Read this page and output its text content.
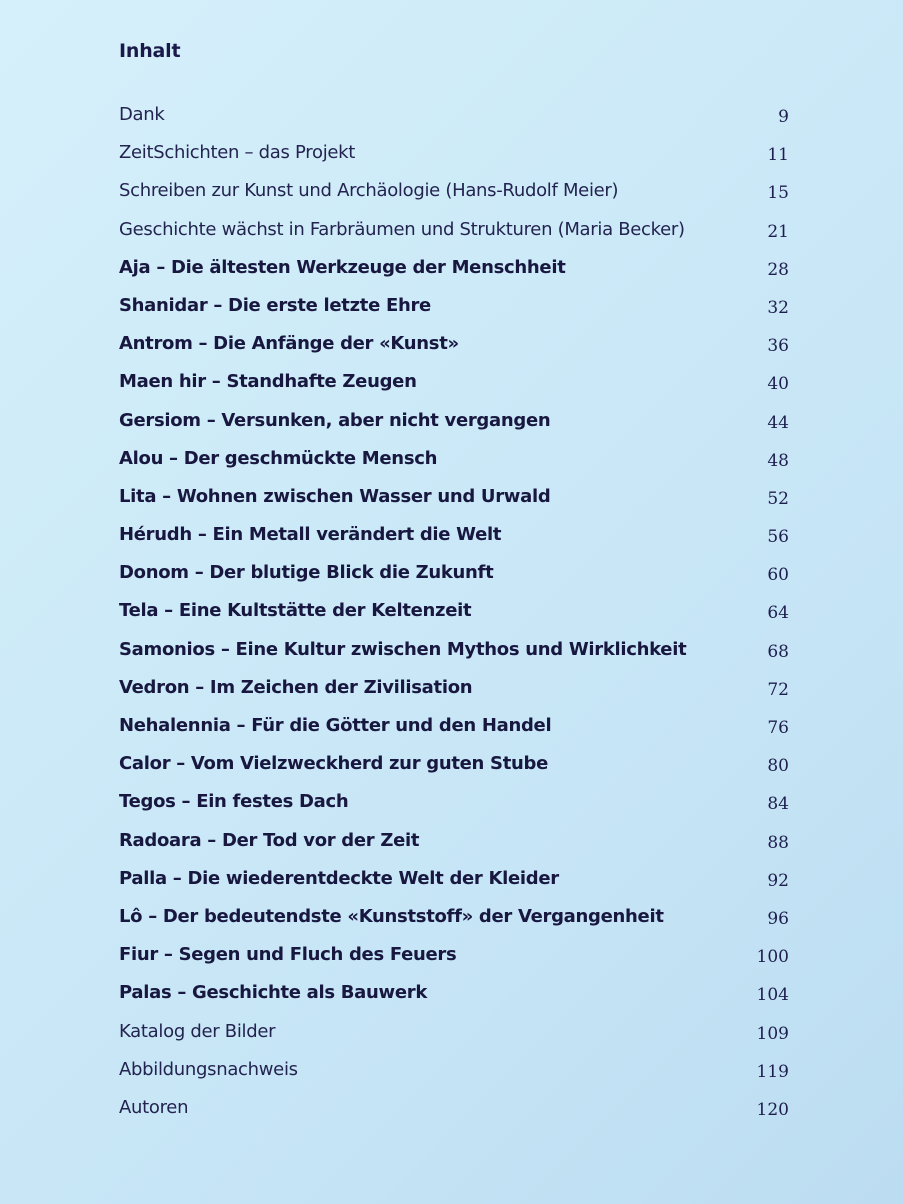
Inhalt
Dank	9
ZeitSchichten – das Projekt	11
Schreiben zur Kunst und Archäologie (Hans-Rudolf Meier)	15
Geschichte wächst in Farbräumen und Strukturen (Maria Becker)	21
Aja – Die ältesten Werkzeuge der Menschheit	28
Shanidar – Die erste letzte Ehre	32
Antrom – Die Anfänge der «Kunst»	36
Maen hir – Standhafte Zeugen	40
Gersiom – Versunken, aber nicht vergangen	44
Alou – Der geschmückte Mensch	48
Lita – Wohnen zwischen Wasser und Urwald	52
Hérudh – Ein Metall verändert die Welt	56
Donom – Der blutige Blick die Zukunft	60
Tela – Eine Kultstätte der Keltenzeit	64
Samonios – Eine Kultur zwischen Mythos und Wirklichkeit	68
Vedron – Im Zeichen der Zivilisation	72
Nehalennia – Für die Götter und den Handel	76
Calor – Vom Vielzweckherd zur guten Stube	80
Tegos – Ein festes Dach	84
Radoara – Der Tod vor der Zeit	88
Palla – Die wiederentdeckte Welt der Kleider	92
Lô – Der bedeutendste «Kunststoff» der Vergangenheit	96
Fiur – Segen und Fluch des Feuers	100
Palas – Geschichte als Bauwerk	104
Katalog der Bilder	109
Abbildungsnachweis	119
Autoren	120
